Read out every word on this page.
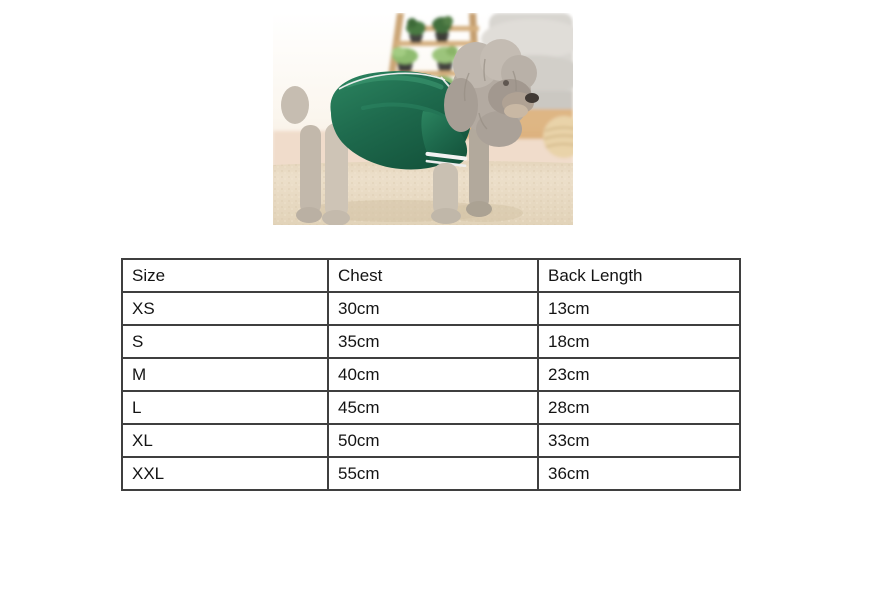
Size	Chest	Back Length
XS	30cm	13cm
S	35cm	18cm
M	40cm	23cm
L	45cm	28cm
XL	50cm	33cm
XXL	55cm	36cm
